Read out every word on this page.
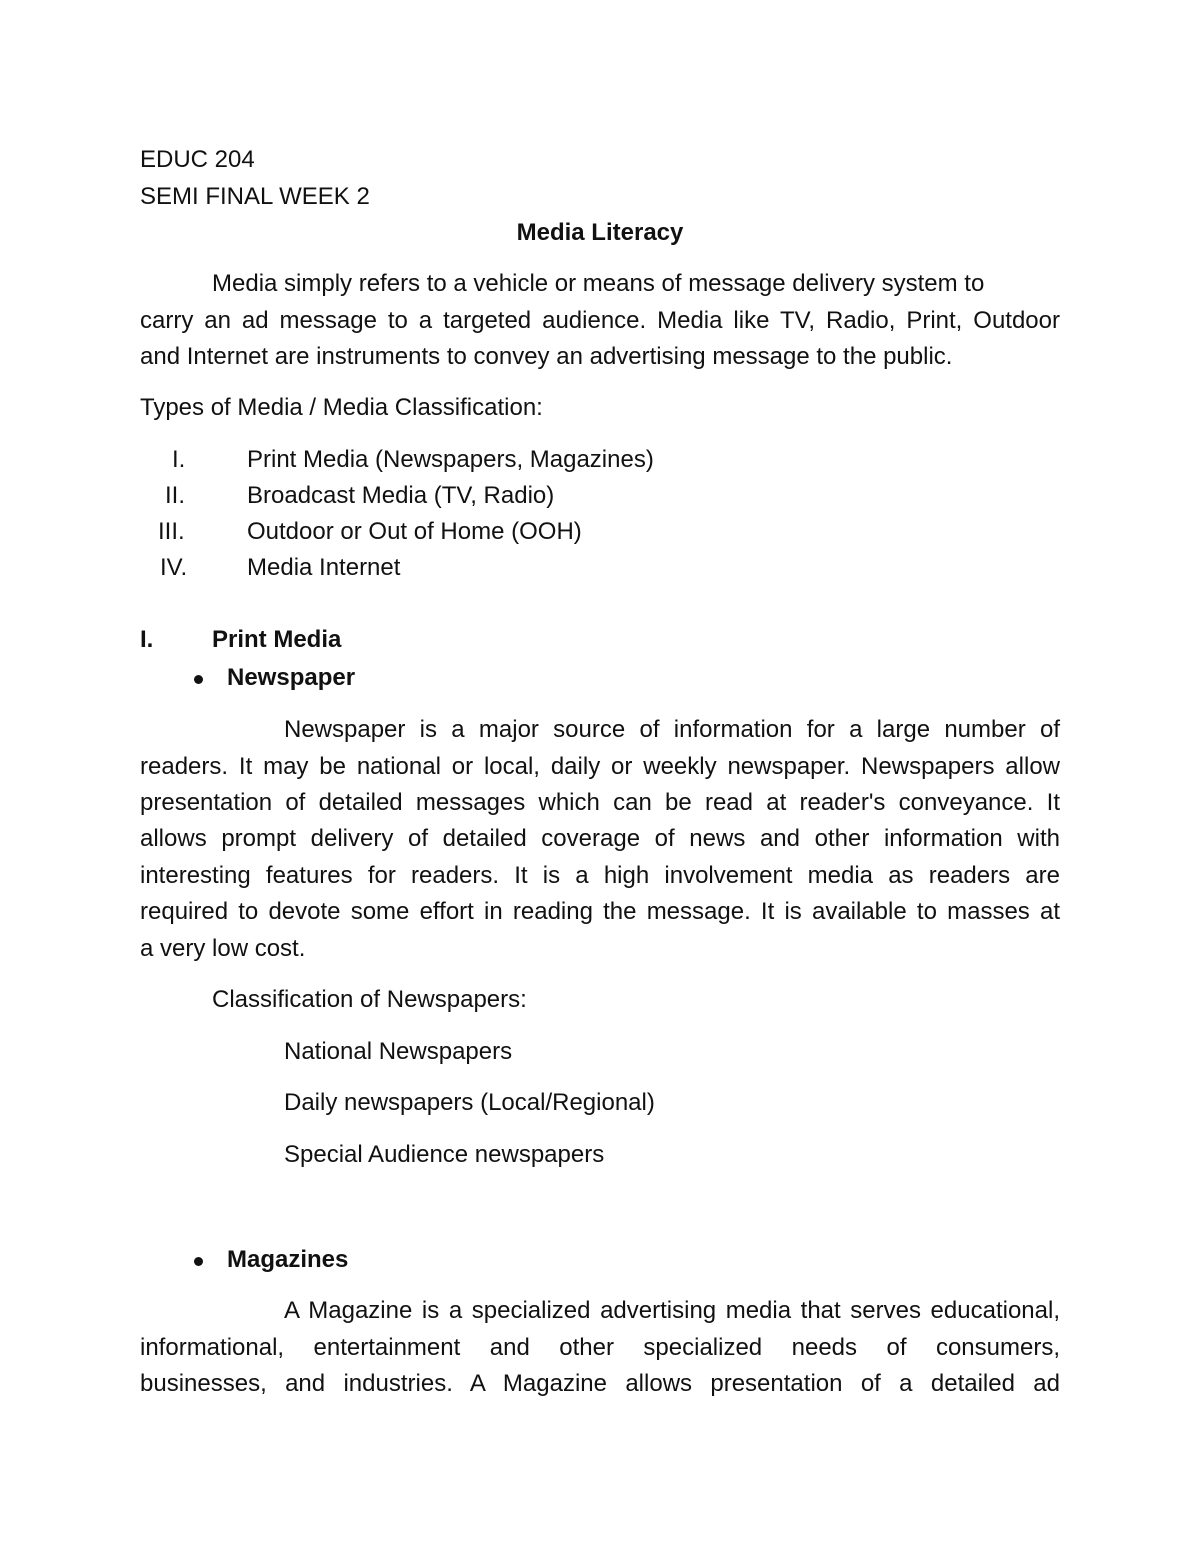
EDUC 204
SEMI FINAL WEEK 2
Media Literacy
Media simply refers to a vehicle or means of message delivery system to
carry an ad message to a targeted audience. Media like TV, Radio, Print, Outdoor
and Internet are instruments to convey an advertising message to the public.
Types of Media / Media Classification:
I.	Print Media (Newspapers, Magazines)
II.	Broadcast Media (TV, Radio)
III.	Outdoor or Out of Home (OOH)
IV. Media Internet
I. Print Media
Newspaper
Newspaper is a major source of information for a large number of
readers. It may be national or local, daily or weekly newspaper. Newspapers allow
presentation of detailed messages which can be read at reader's conveyance. It
allows prompt delivery of detailed coverage of news and other information with
interesting features for readers. It is a high involvement media as readers are
required to devote some effort in reading the message. It is available to masses at
a very low cost.
Classification of Newspapers:
National Newspapers
Daily newspapers (Local/Regional)
Special Audience newspapers
Magazines
A Magazine is a specialized advertising media that serves educational,
informational, entertainment and other specialized needs of consumers,
businesses, and industries. A Magazine allows presentation of a detailed ad
